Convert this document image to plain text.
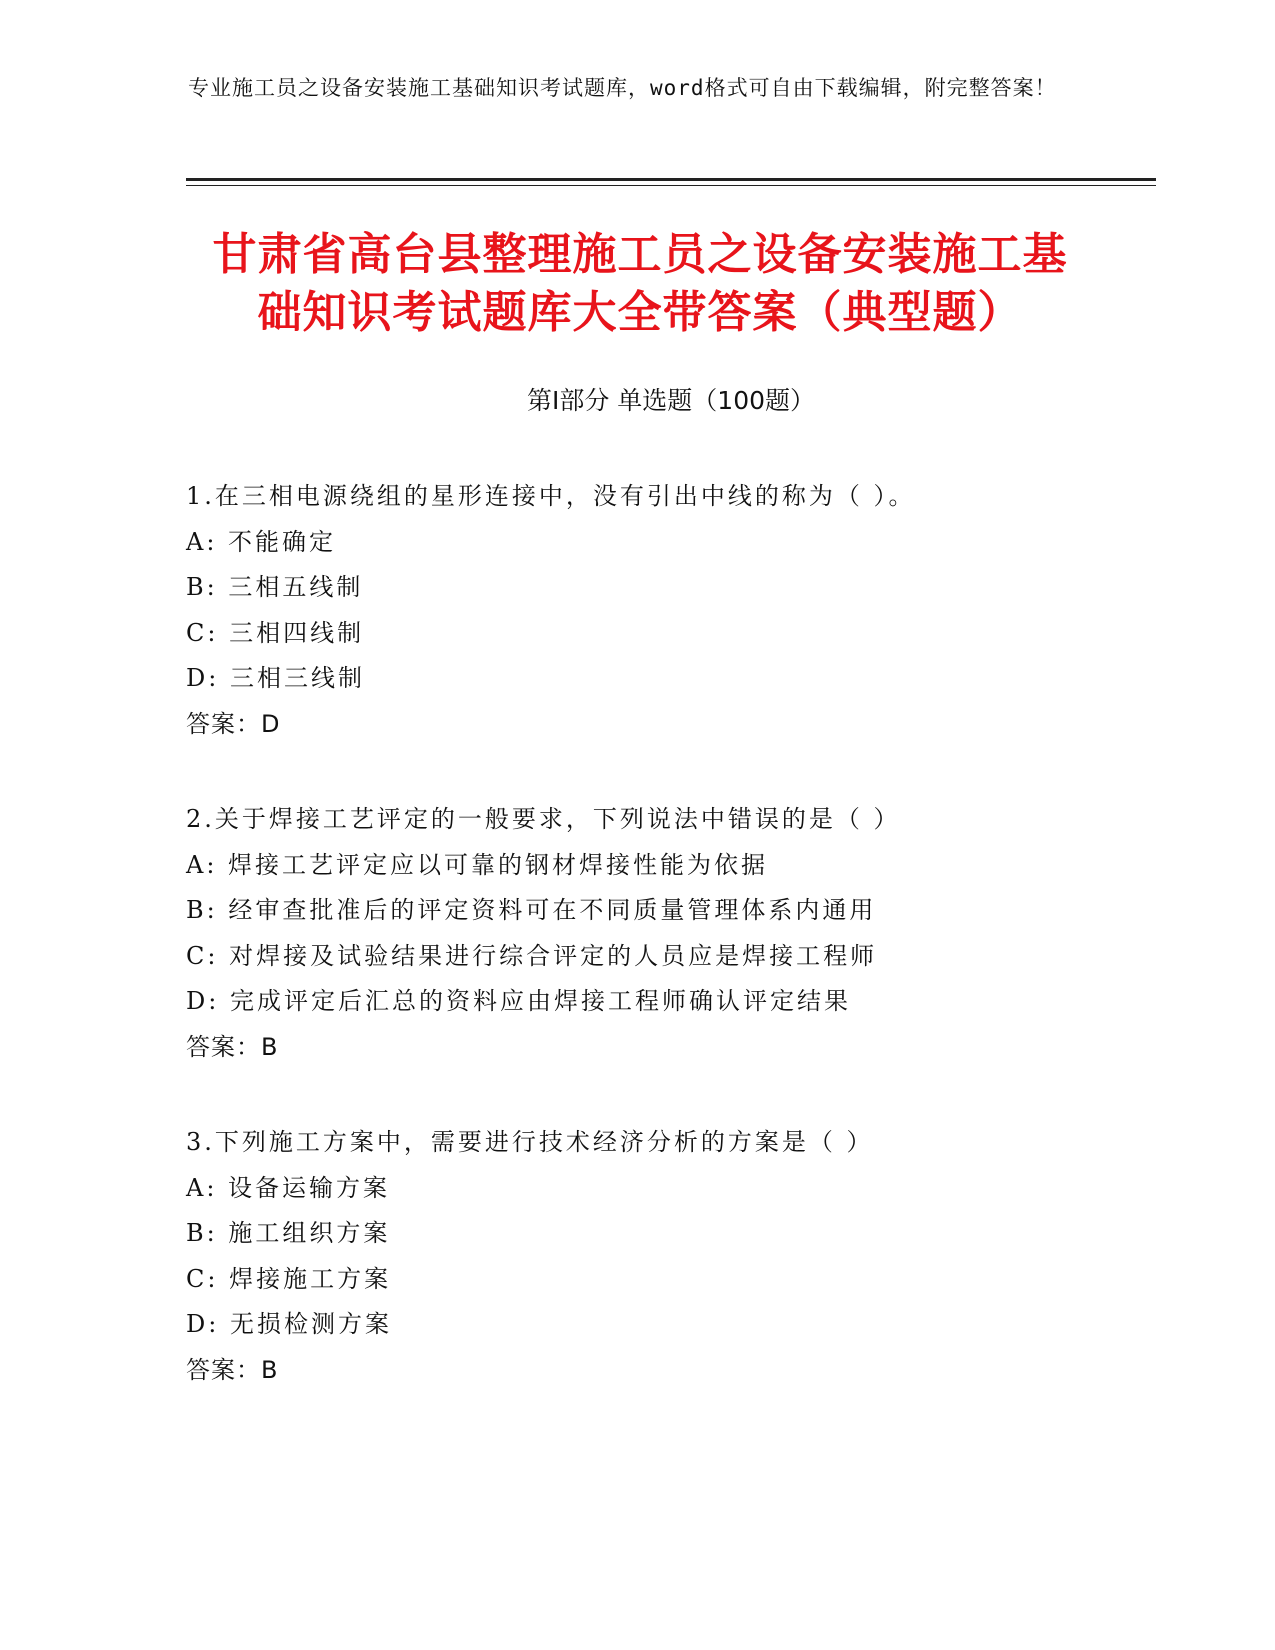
专业施工员之设备安装施工基础知识考试题库，word格式可自由下载编辑，附完整答案！
甘肃省高台县整理施工员之设备安装施工基
础知识考试题库大全带答案（典型题）
第Ⅰ部分 单选题（100题）
1.在三相电源绕组的星形连接中，没有引出中线的称为（ ）。
A: 不能确定
B: 三相五线制
C: 三相四线制
D: 三相三线制
答案：D
2.关于焊接工艺评定的一般要求，下列说法中错误的是（ ）
A: 焊接工艺评定应以可靠的钢材焊接性能为依据
B: 经审查批准后的评定资料可在不同质量管理体系内通用
C: 对焊接及试验结果进行综合评定的人员应是焊接工程师
D: 完成评定后汇总的资料应由焊接工程师确认评定结果
答案：B
3.下列施工方案中，需要进行技术经济分析的方案是（ ）
A: 设备运输方案
B: 施工组织方案
C: 焊接施工方案
D: 无损检测方案
答案：B
